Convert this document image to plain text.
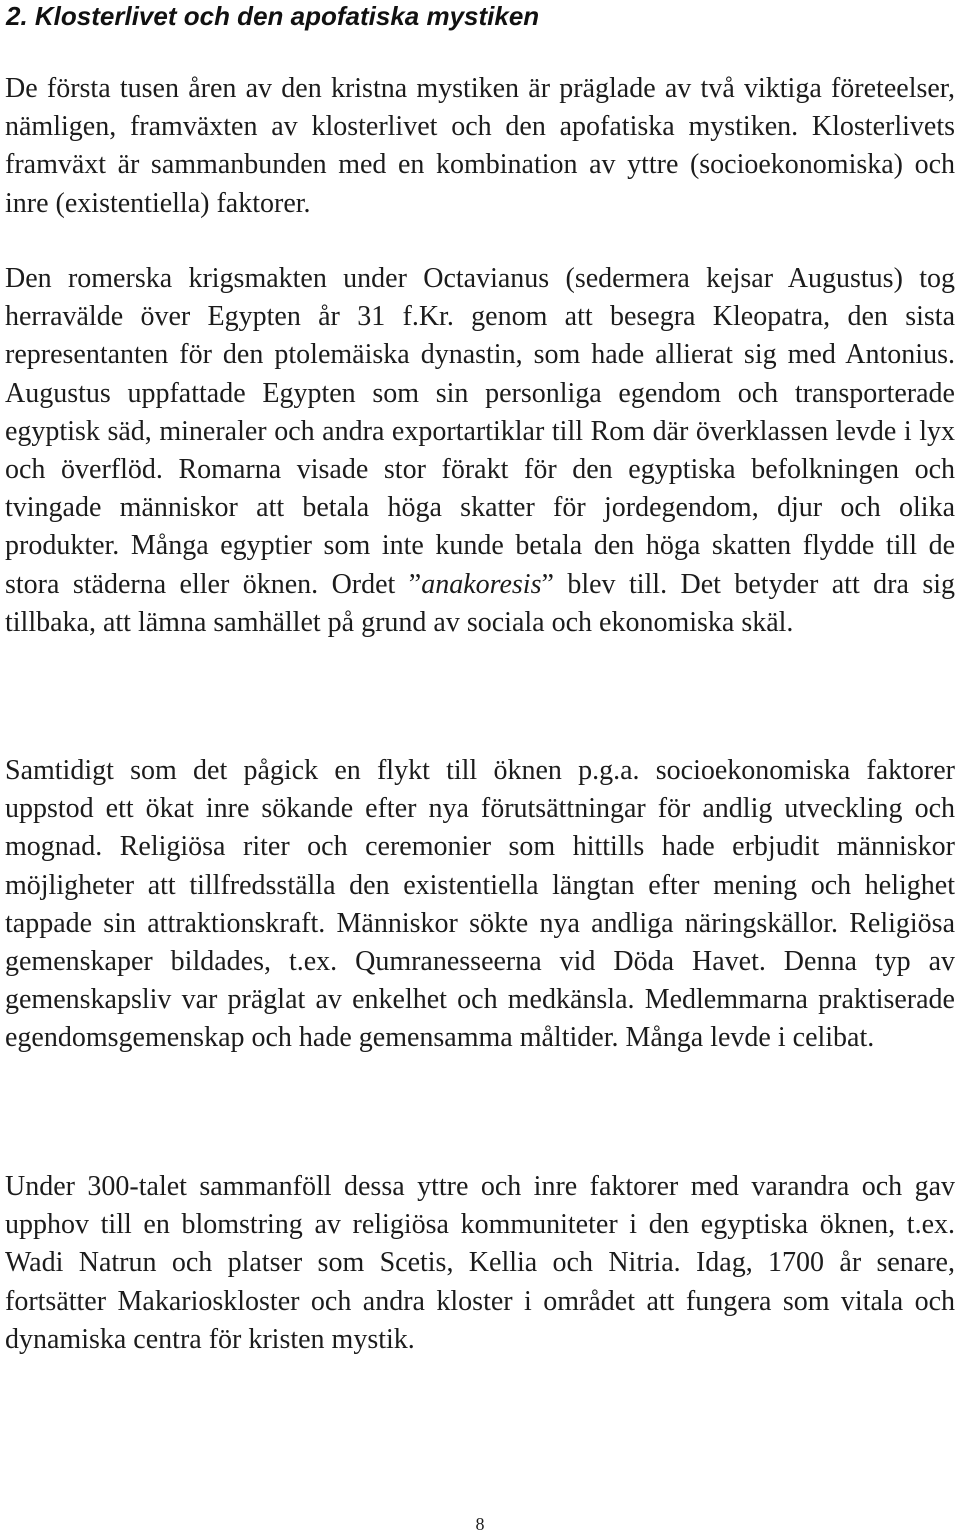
2. Klosterlivet och den apofatiska mystiken

De första tusen åren av den kristna mystiken är präglade av två viktiga företeelser, nämligen, framväxten av klosterlivet och den apofatiska mystiken. Klosterlivets framväxt är sammanbunden med en kombination av yttre (socioekonomiska) och inre (existentiella) faktorer.

Den romerska krigsmakten under Octavianus (sedermera kejsar Augustus) tog herravälde över Egypten år 31 f.Kr. genom att besegra Kleopatra, den sista representanten för den ptolemäiska dynastin, som hade allierat sig med Antonius. Augustus uppfattade Egypten som sin personliga egendom och transporterade egyptisk säd, mineraler och andra exportartiklar till Rom där överklassen levde i lyx och överflöd. Romarna visade stor förakt för den egyptiska befolkningen och tvingade människor att betala höga skatter för jordegendom, djur och olika produkter. Många egyptier som inte kunde betala den höga skatten flydde till de stora städerna eller öknen. Ordet ”anakoresis” blev till. Det betyder att dra sig tillbaka, att lämna samhället på grund av sociala och ekonomiska skäl.

Samtidigt som det pågick en flykt till öknen p.g.a. socioekonomiska faktorer uppstod ett ökat inre sökande efter nya förutsättningar för andlig utveckling och mognad. Religiösa riter och ceremonier som hittills hade erbjudit människor möjligheter att tillfredsställa den existentiella längtan efter mening och helighet tappade sin attraktionskraft. Människor sökte nya andliga näringskällor. Religiösa gemenskaper bildades, t.ex. Qumranesseerna vid Döda Havet. Denna typ av gemenskapsliv var präglat av enkelhet och medkänsla. Medlemmarna praktiserade egendomsgemenskap och hade gemensamma måltider. Många levde i celibat.

Under 300-talet sammanföll dessa yttre och inre faktorer med varandra och gav upphov till en blomstring av religiösa kommuniteter i den egyptiska öknen, t.ex. Wadi Natrun och platser som Scetis, Kellia och Nitria. Idag, 1700 år senare, fortsätter Makarioskloster och andra kloster i området att fungera som vitala och dynamiska centra för kristen mystik.

8
